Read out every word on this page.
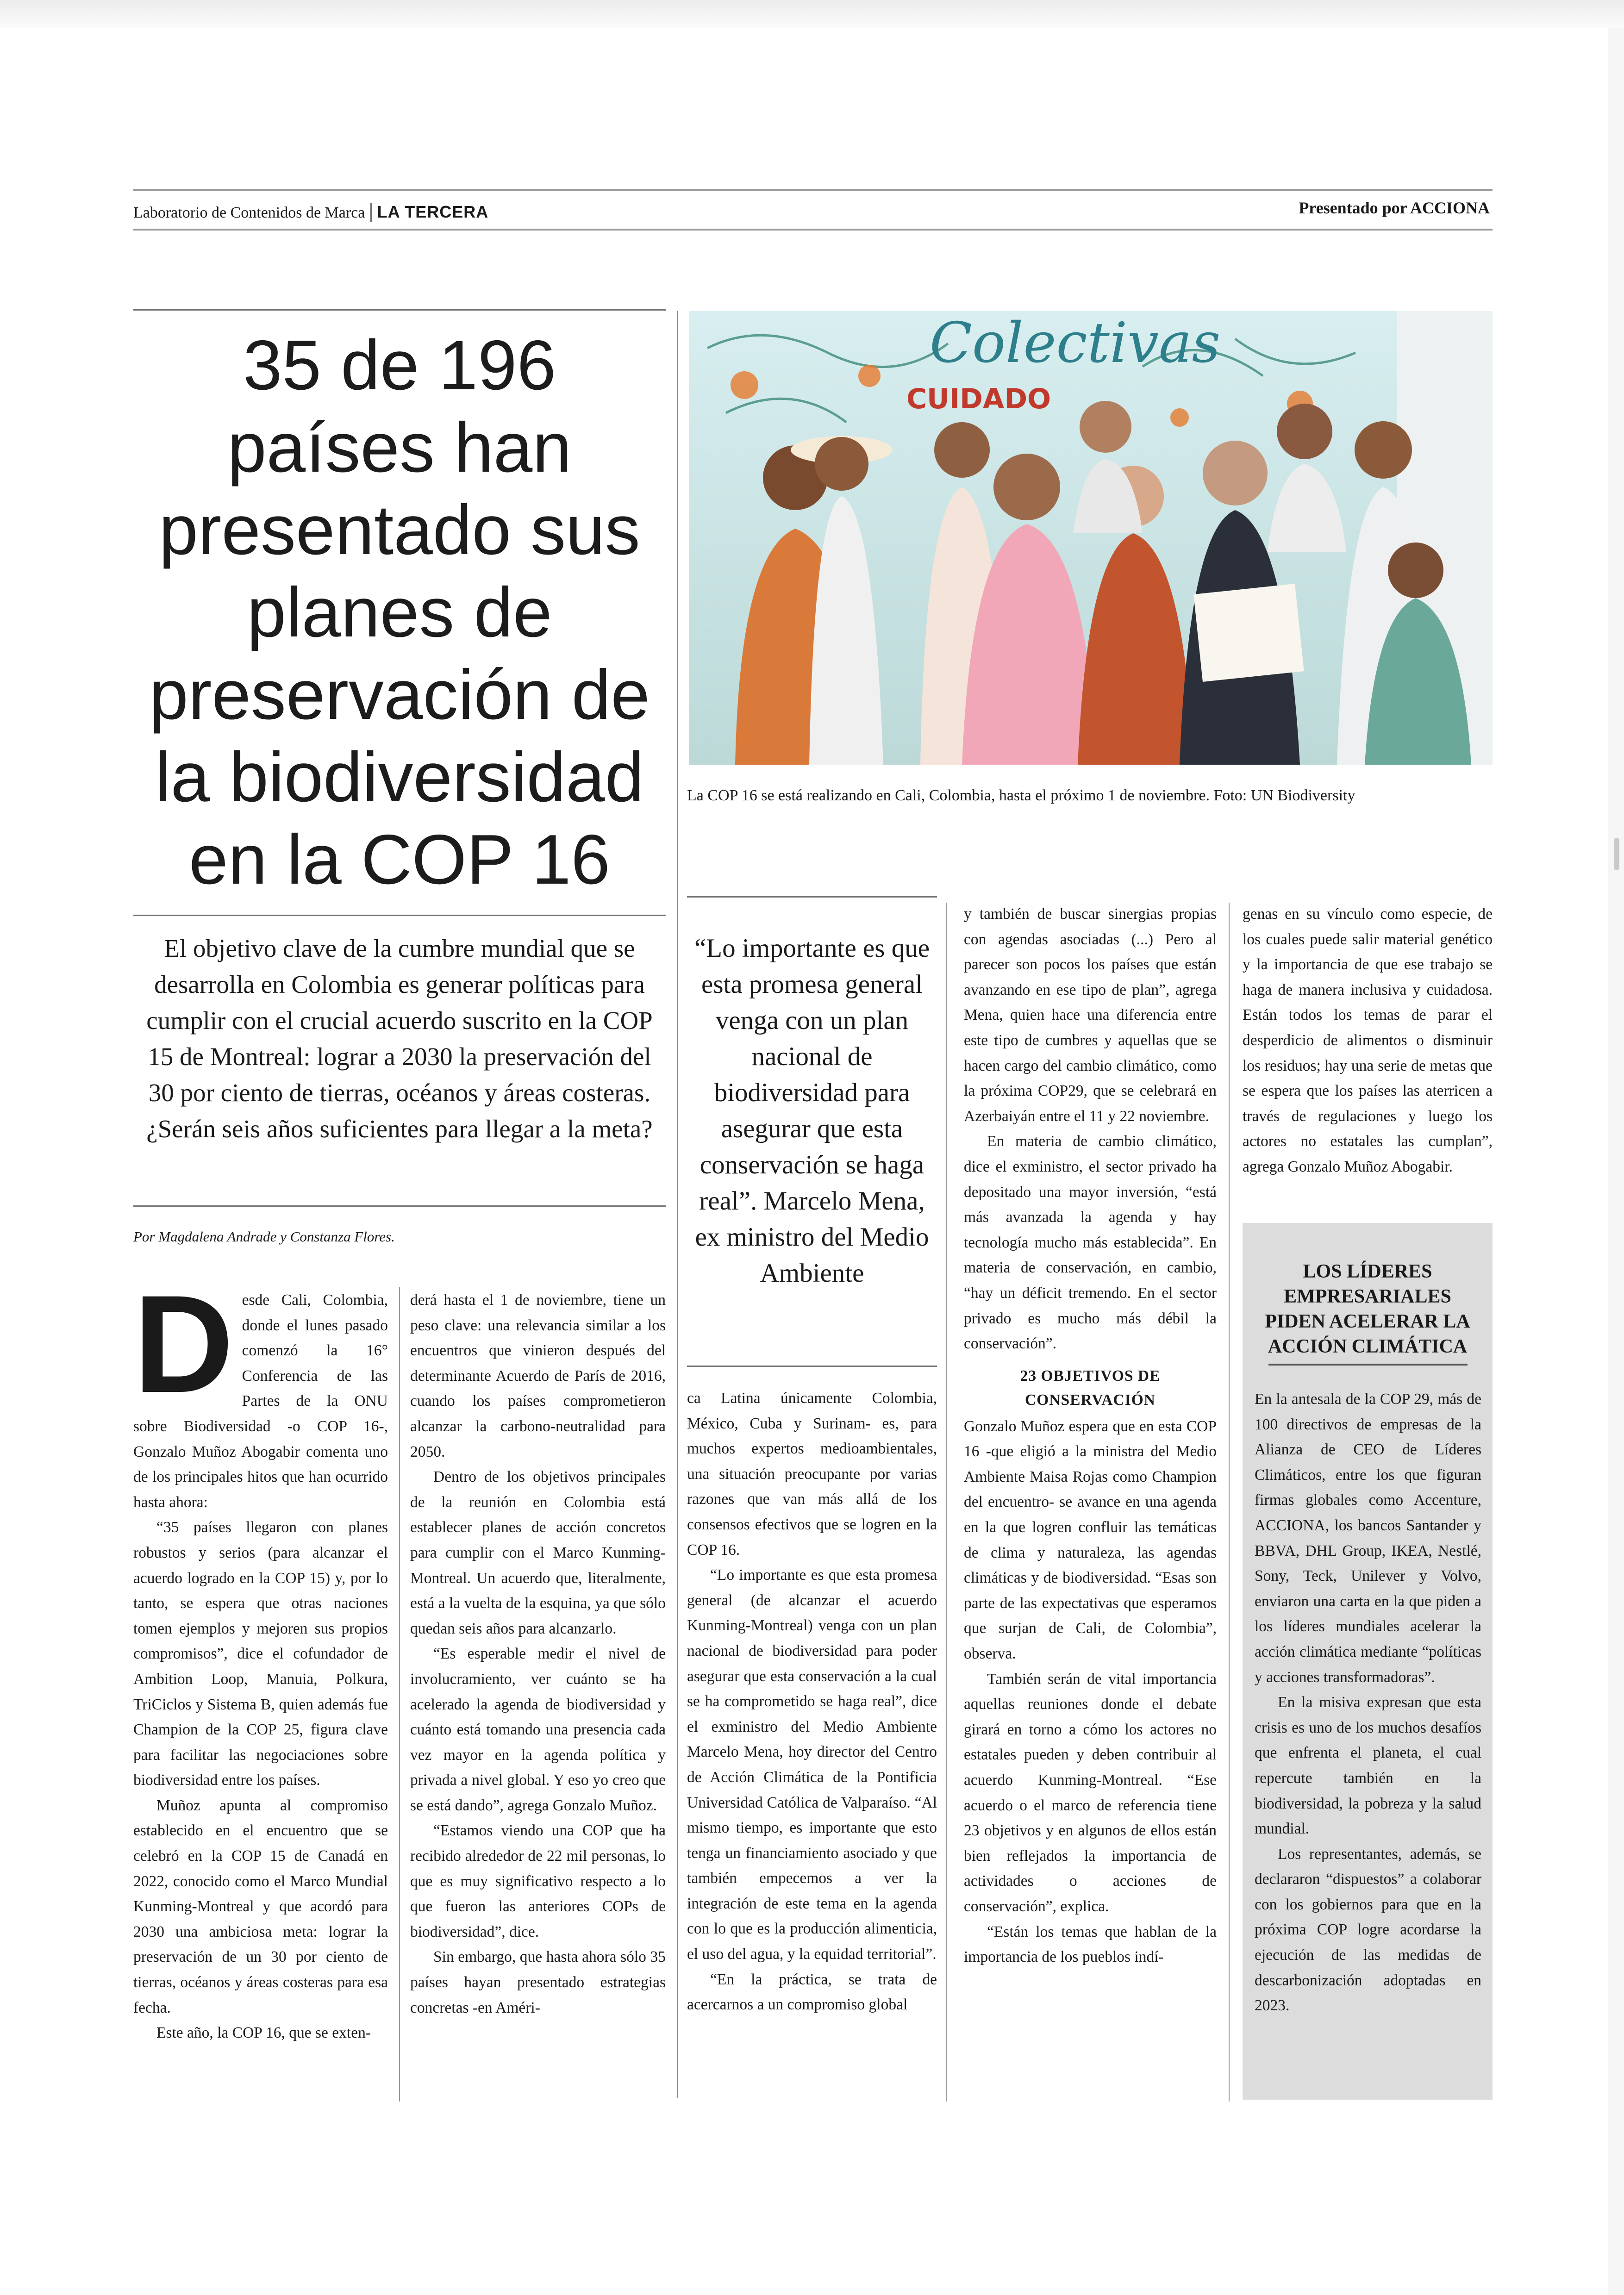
Laboratorio de Contenidos de Marca | LA TERCERA	Presentado por ACCIONA
35 de 196 países han presentado sus planes de preservación de la biodiversidad en la COP 16
El objetivo clave de la cumbre mundial que se desarrolla en Colombia es generar políticas para cumplir con el crucial acuerdo suscrito en la COP 15 de Montreal: lograr a 2030 la preservación del 30 por ciento de tierras, océanos y áreas costeras. ¿Serán seis años suficientes para llegar a la meta?
Colectivas
CUIDADO
La COP 16 se está realizando en Cali, Colombia, hasta el próximo 1 de noviembre. Foto: UN Biodiversity
Por Magdalena Andrade y Constanza Flores.
D esde Cali, Colombia, donde el lunes pasado comenzó la 16° Conferencia de las Partes de la ONU sobre Biodiversidad -o COP 16-, Gonzalo Muñoz Abogabir comenta uno de los principales hitos que han ocurrido hasta ahora:

“35 países llegaron con planes robustos y serios (para alcanzar el acuerdo logrado en la COP 15) y, por lo tanto, se espera que otras naciones tomen ejemplos y mejoren sus propios compromisos”, dice el cofundador de Ambition Loop, Manuia, Polkura, TriCiclos y Sistema B, quien además fue Champion de la COP 25, figura clave para facilitar las negociaciones sobre biodiversidad entre los países.

Muñoz apunta al compromiso establecido en el encuentro que se celebró en la COP 15 de Canadá en 2022, conocido como el Marco Mundial Kunming-Montreal y que acordó para 2030 una ambiciosa meta: lograr la preservación de un 30 por ciento de tierras, océanos y áreas costeras para esa fecha.

Este año, la COP 16, que se exten-

derá hasta el 1 de noviembre, tiene un peso clave: una relevancia similar a los encuentros que vinieron después del determinante Acuerdo de París de 2016, cuando los países comprometieron alcanzar la carbono-neutralidad para 2050.

Dentro de los objetivos principales de la reunión en Colombia está establecer planes de acción concretos para cumplir con el Marco Kunming-Montreal. Un acuerdo que, literalmente, está a la vuelta de la esquina, ya que sólo quedan seis años para alcanzarlo.

“Es esperable medir el nivel de involucramiento, ver cuánto se ha acelerado la agenda de biodiversidad y cuánto está tomando una presencia cada vez mayor en la agenda política y privada a nivel global. Y eso yo creo que se está dando”, agrega Gonzalo Muñoz.

“Estamos viendo una COP que ha recibido alrededor de 22 mil personas, lo que es muy significativo respecto a lo que fueron las anteriores COPs de biodiversidad”, dice.

Sin embargo, que hasta ahora sólo 35 países hayan presentado estrategias concretas -en Améri-

“Lo importante es que esta promesa general venga con un plan nacional de biodiversidad para asegurar que esta conservación se haga real”. Marcelo Mena, ex ministro del Medio Ambiente

ca Latina únicamente Colombia, México, Cuba y Surinam- es, para muchos expertos medioambientales, una situación preocupante por varias razones que van más allá de los consensos efectivos que se logren en la COP 16.

“Lo importante es que esta promesa general (de alcanzar el acuerdo Kunming-Montreal) venga con un plan nacional de biodiversidad para poder asegurar que esta conservación a la cual se ha comprometido se haga real”, dice el exministro del Medio Ambiente Marcelo Mena, hoy director del Centro de Acción Climática de la Pontificia Universidad Católica de Valparaíso. “Al mismo tiempo, es importante que esto tenga un financiamiento asociado y que también empecemos a ver la integración de este tema en la agenda con lo que es la producción alimenticia, el uso del agua, y la equidad territorial”.

“En la práctica, se trata de acercarnos a un compromiso global

y también de buscar sinergias propias con agendas asociadas (...) Pero al parecer son pocos los países que están avanzando en ese tipo de plan”, agrega Mena, quien hace una diferencia entre este tipo de cumbres y aquellas que se hacen cargo del cambio climático, como la próxima COP29, que se celebrará en Azerbaiyán entre el 11 y 22 noviembre.

En materia de cambio climático, dice el exministro, el sector privado ha depositado una mayor inversión, “está más avanzada la agenda y hay tecnología mucho más establecida”. En materia de conservación, en cambio, “hay un déficit tremendo. En el sector privado es mucho más débil la conservación”.

23 OBJETIVOS DE CONSERVACIÓN

Gonzalo Muñoz espera que en esta COP 16 -que eligió a la ministra del Medio Ambiente Maisa Rojas como Champion del encuentro- se avance en una agenda en la que logren confluir las temáticas de clima y naturaleza, las agendas climáticas y de biodiversidad. “Esas son parte de las expectativas que esperamos que surjan de Cali, de Colombia”, observa.

También serán de vital importancia aquellas reuniones donde el debate girará en torno a cómo los actores no estatales pueden y deben contribuir al acuerdo Kunming-Montreal. “Ese acuerdo o el marco de referencia tiene 23 objetivos y en algunos de ellos están bien reflejados la importancia de actividades o acciones de conservación”, explica.

“Están los temas que hablan de la importancia de los pueblos indí-

genas en su vínculo como especie, de los cuales puede salir material genético y la importancia de que ese trabajo se haga de manera inclusiva y cuidadosa. Están todos los temas de parar el desperdicio de alimentos o disminuir los residuos; hay una serie de metas que se espera que los países las aterricen a través de regulaciones y luego los actores no estatales las cumplan”, agrega Gonzalo Muñoz Abogabir.

LOS LÍDERES EMPRESARIALES PIDEN ACELERAR LA ACCIÓN CLIMÁTICA

En la antesala de la COP 29, más de 100 directivos de empresas de la Alianza de CEO de Líderes Climáticos, entre los que figuran firmas globales como Accenture, ACCIONA, los bancos Santander y BBVA, DHL Group, IKEA, Nestlé, Sony, Teck, Unilever y Volvo, enviaron una carta en la que piden a los líderes mundiales acelerar la acción climática mediante “políticas y acciones transformadoras”.

En la misiva expresan que esta crisis es uno de los muchos desafíos que enfrenta el planeta, el cual repercute también en la biodiversidad, la pobreza y la salud mundial.

Los representantes, además, se declararon “dispuestos” a colaborar con los gobiernos para que en la próxima COP logre acordarse la ejecución de las medidas de descarbonización adoptadas en 2023.
